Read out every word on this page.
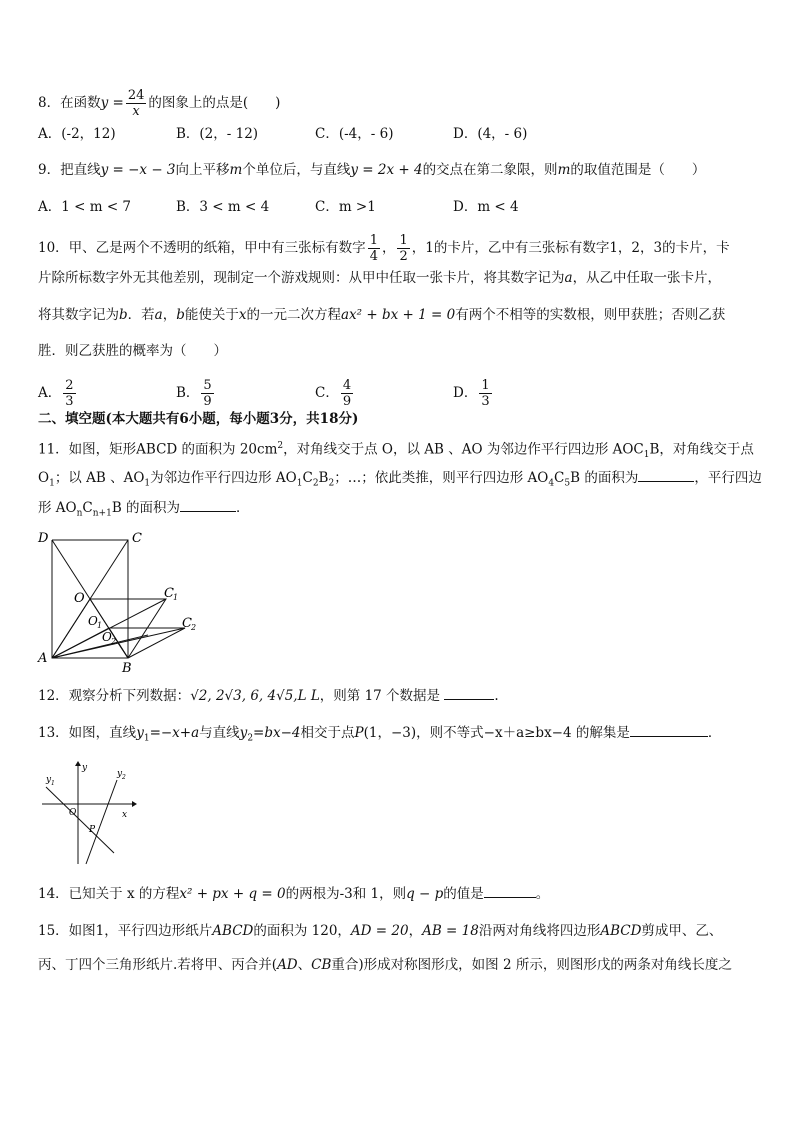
8．在函数$y = \frac{24}{x}$ 的图象上的点是(　　)
A．(-2，12)	B．(2，- 12)	C．(-4，- 6)	D．(4，- 6)
9．把直线y = −x − 3向上平移m个单位后，与直线y = 2x + 4的交点在第二象限，则m的取值范围是（　　）
A．1 < m < 7	B．3 < m < 4	C．m >1	D．m < 4
10．甲、乙是两个不透明的纸箱，甲中有三张标有数字 $\frac{1}{4}$ ， $\frac{1}{2}$ ，1的卡片，乙中有三张标有数字1，2，3的卡片，卡
片除所标数字外无其他差别，现制定一个游戏规则：从甲中任取一张卡片，将其数字记为a，从乙中任取一张卡片，
将其数字记为b．若a，b能使关于x的一元二次方程ax² + bx + 1 = 0有两个不相等的实数根，则甲获胜；否则乙获
胜．则乙获胜的概率为（　　）
A． $\frac{2}{3}$	B． $\frac{5}{9}$	C． $\frac{4}{9}$	D． $\frac{1}{3}$
二、填空题(本大题共有6小题，每小题3分，共18分)
11．如图，矩形ABCD 的面积为 $20cm^2$，对角线交于点 O，以 AB 、AO 为邻边作平行四边形 $AOC_1B$，对角线交于点
$O_1$；以 AB 、$AO_1$为邻边作平行四边形 $AO_1C_2B_2$；…；依此类推，则平行四边形 $AO_4C_5B$ 的面积为	，平行四边
形 $AO_nC_{n+1}B$ 的面积为	．
D	C
O	C 1
O 1	C 2
O 2
A
B
12．观察分析下列数据：√2, 2√3, 6, 4√5,L L，则第 17 个数据是	.
13．如图，直线$y_1=-x+a$与直线$y_2=bx-4$相交于点P(1，−3)，则不等式−x＋a≥bx−4 的解集是	．
y 1
y 2
y
x
O
P
14．已知关于 x 的方程x² + px + q = 0的两根为-3和 1，则q − p的值是	。
15．如图1，平行四边形纸片ABCD的面积为 120，AD = 20，AB = 18沿两对角线将四边形ABCD剪成甲、乙、
丙、丁四个三角形纸片.若将甲、丙合并(AD、CB重合)形成对称图形戊，如图 2 所示，则图形戊的两条对角线长度之
